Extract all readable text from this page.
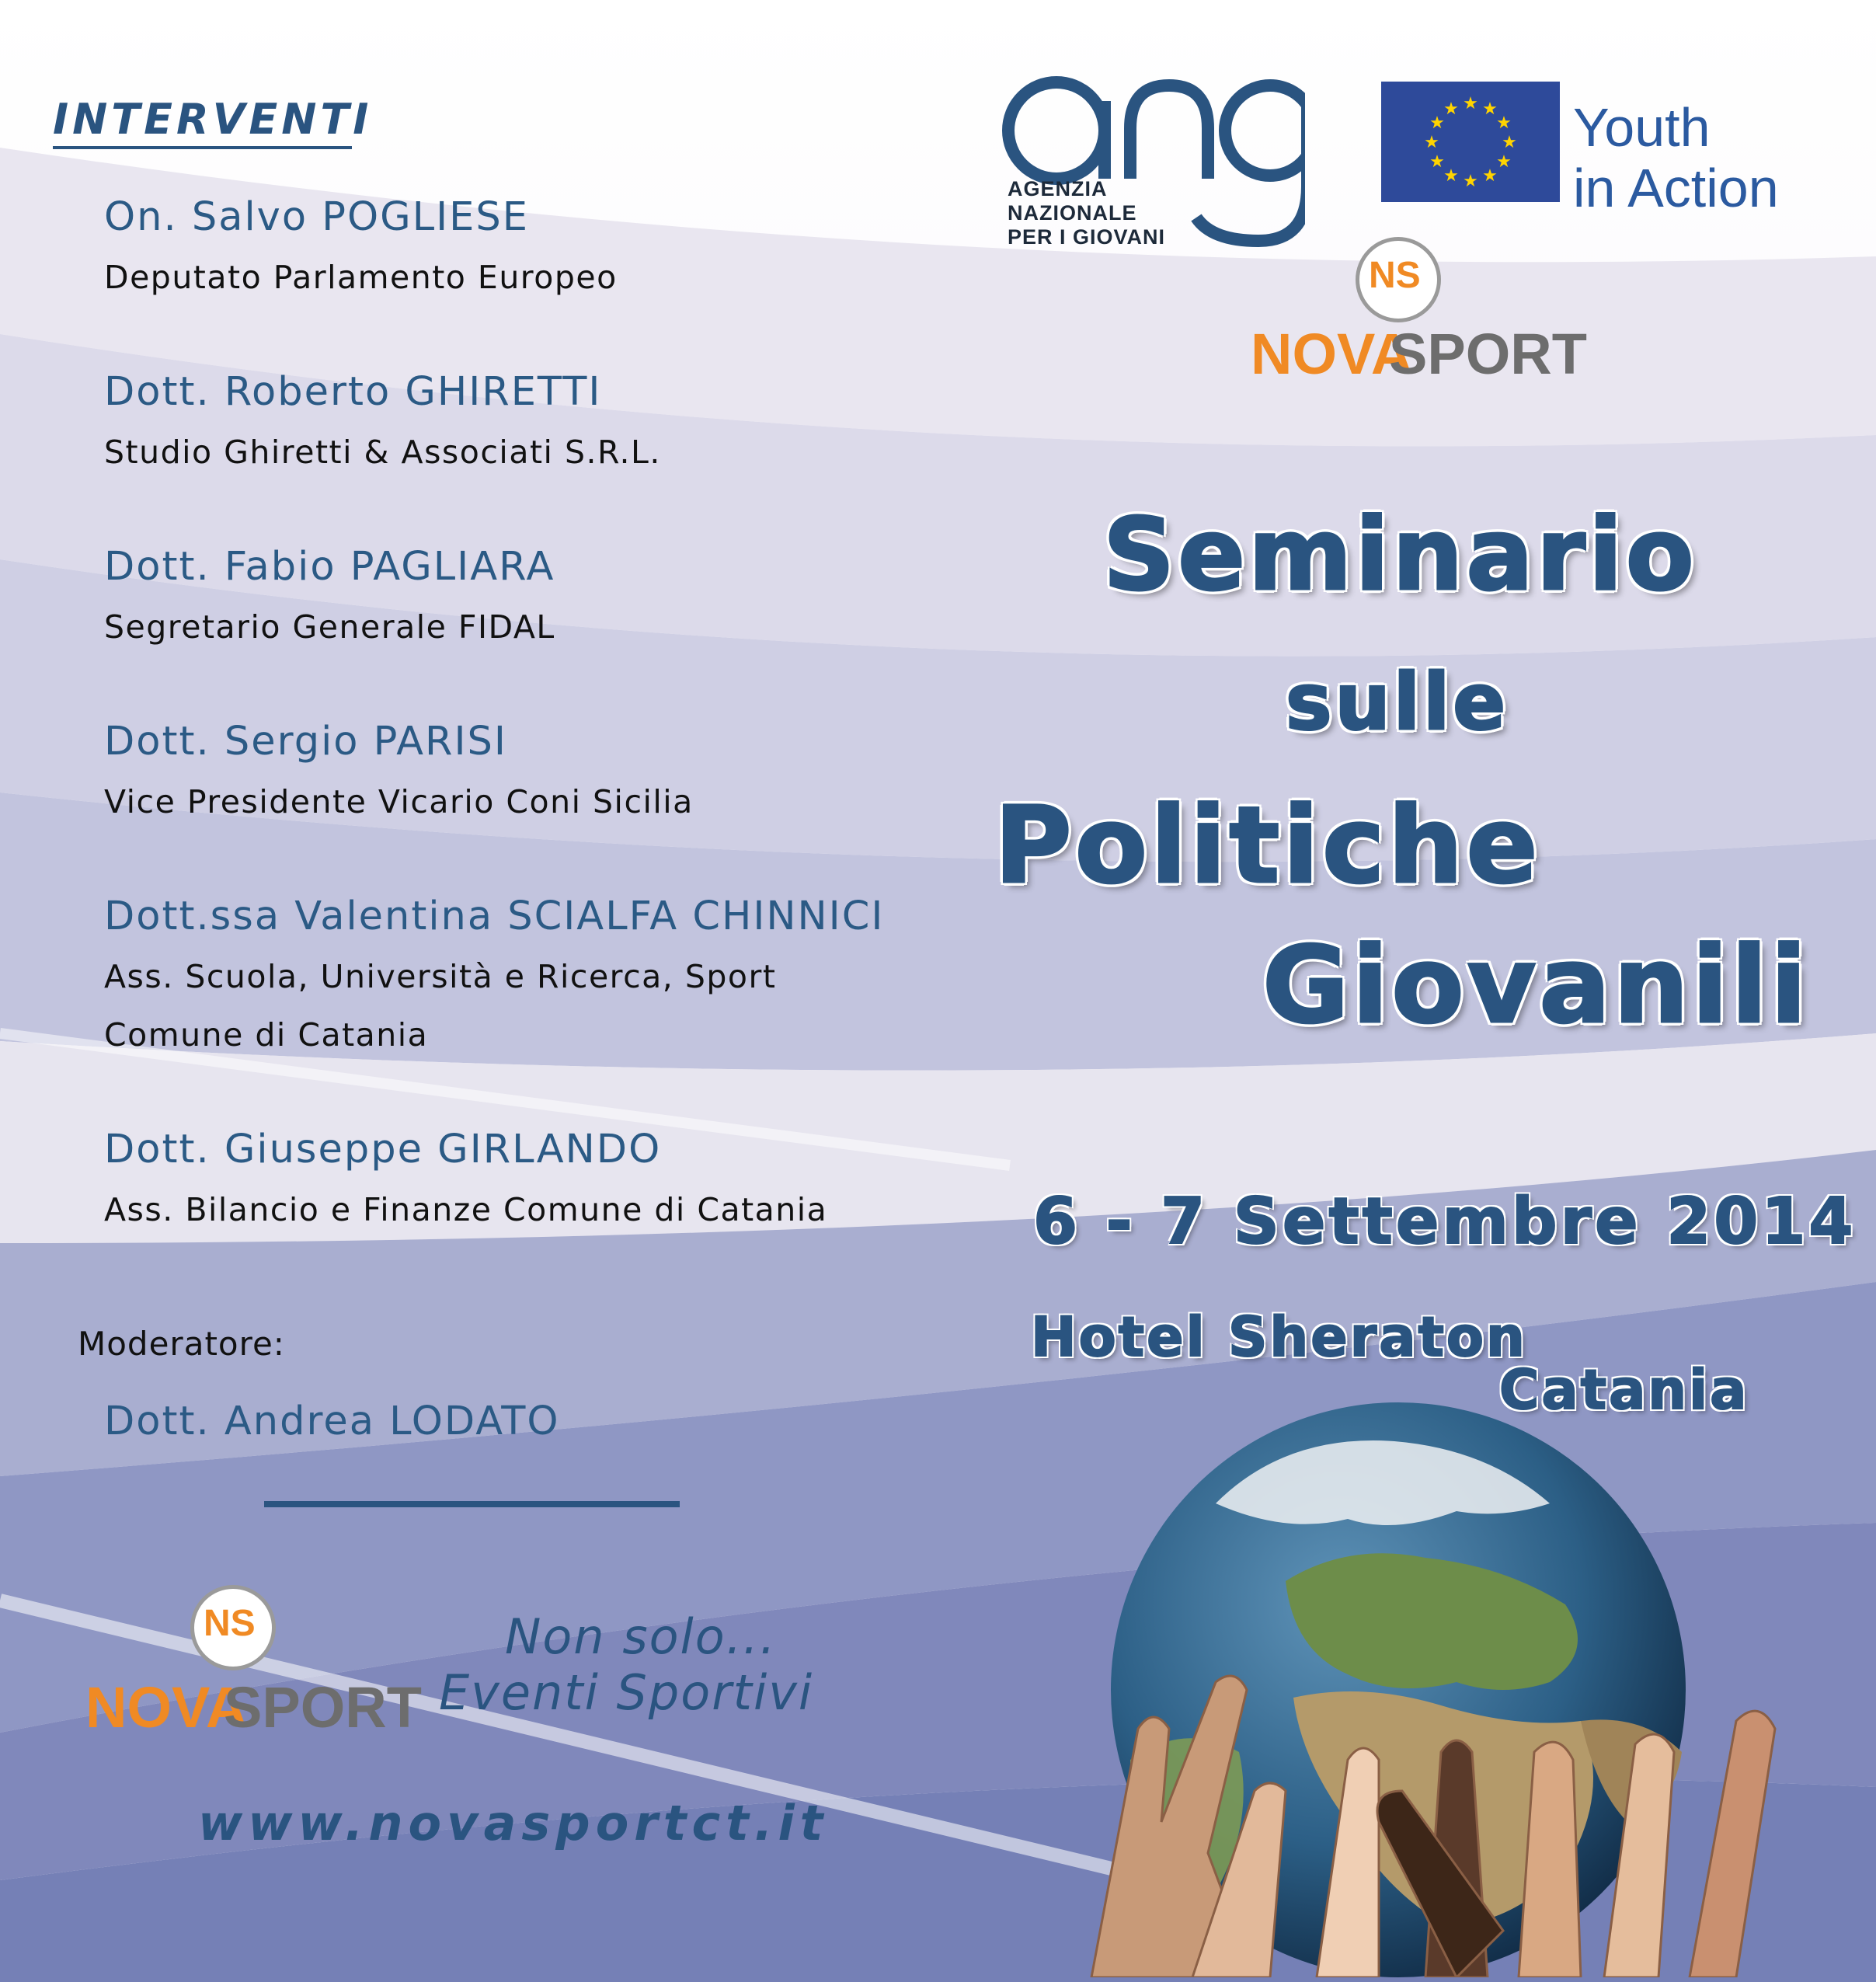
INTERVENTI
On. Salvo POGLIESE
Deputato Parlamento Europeo
Dott. Roberto GHIRETTI
Studio Ghiretti & Associati S.R.L.
Dott. Fabio PAGLIARA
Segretario Generale FIDAL
Dott. Sergio PARISI
Vice Presidente Vicario Coni Sicilia
Dott.ssa Valentina SCIALFA CHINNICI
Ass. Scuola, Università e Ricerca, Sport
Comune di Catania
Dott. Giuseppe GIRLANDO
Ass. Bilancio e Finanze Comune di Catania
Moderatore:
Dott. Andrea LODATO
NS
NOVA
SPORT
Non solo...
Eventi Sportivi
www.novasportct.it
AGENZIA
NAZIONALE
PER I GIOVANI
★ ★
★
★
★
★
★
★
★
★
★
★ Youth
in Action
NS
NOVA
SPORT
Seminario
sulle
Politiche
Giovanili
6 - 7 Settembre 2014
Hotel Sheraton
Catania
